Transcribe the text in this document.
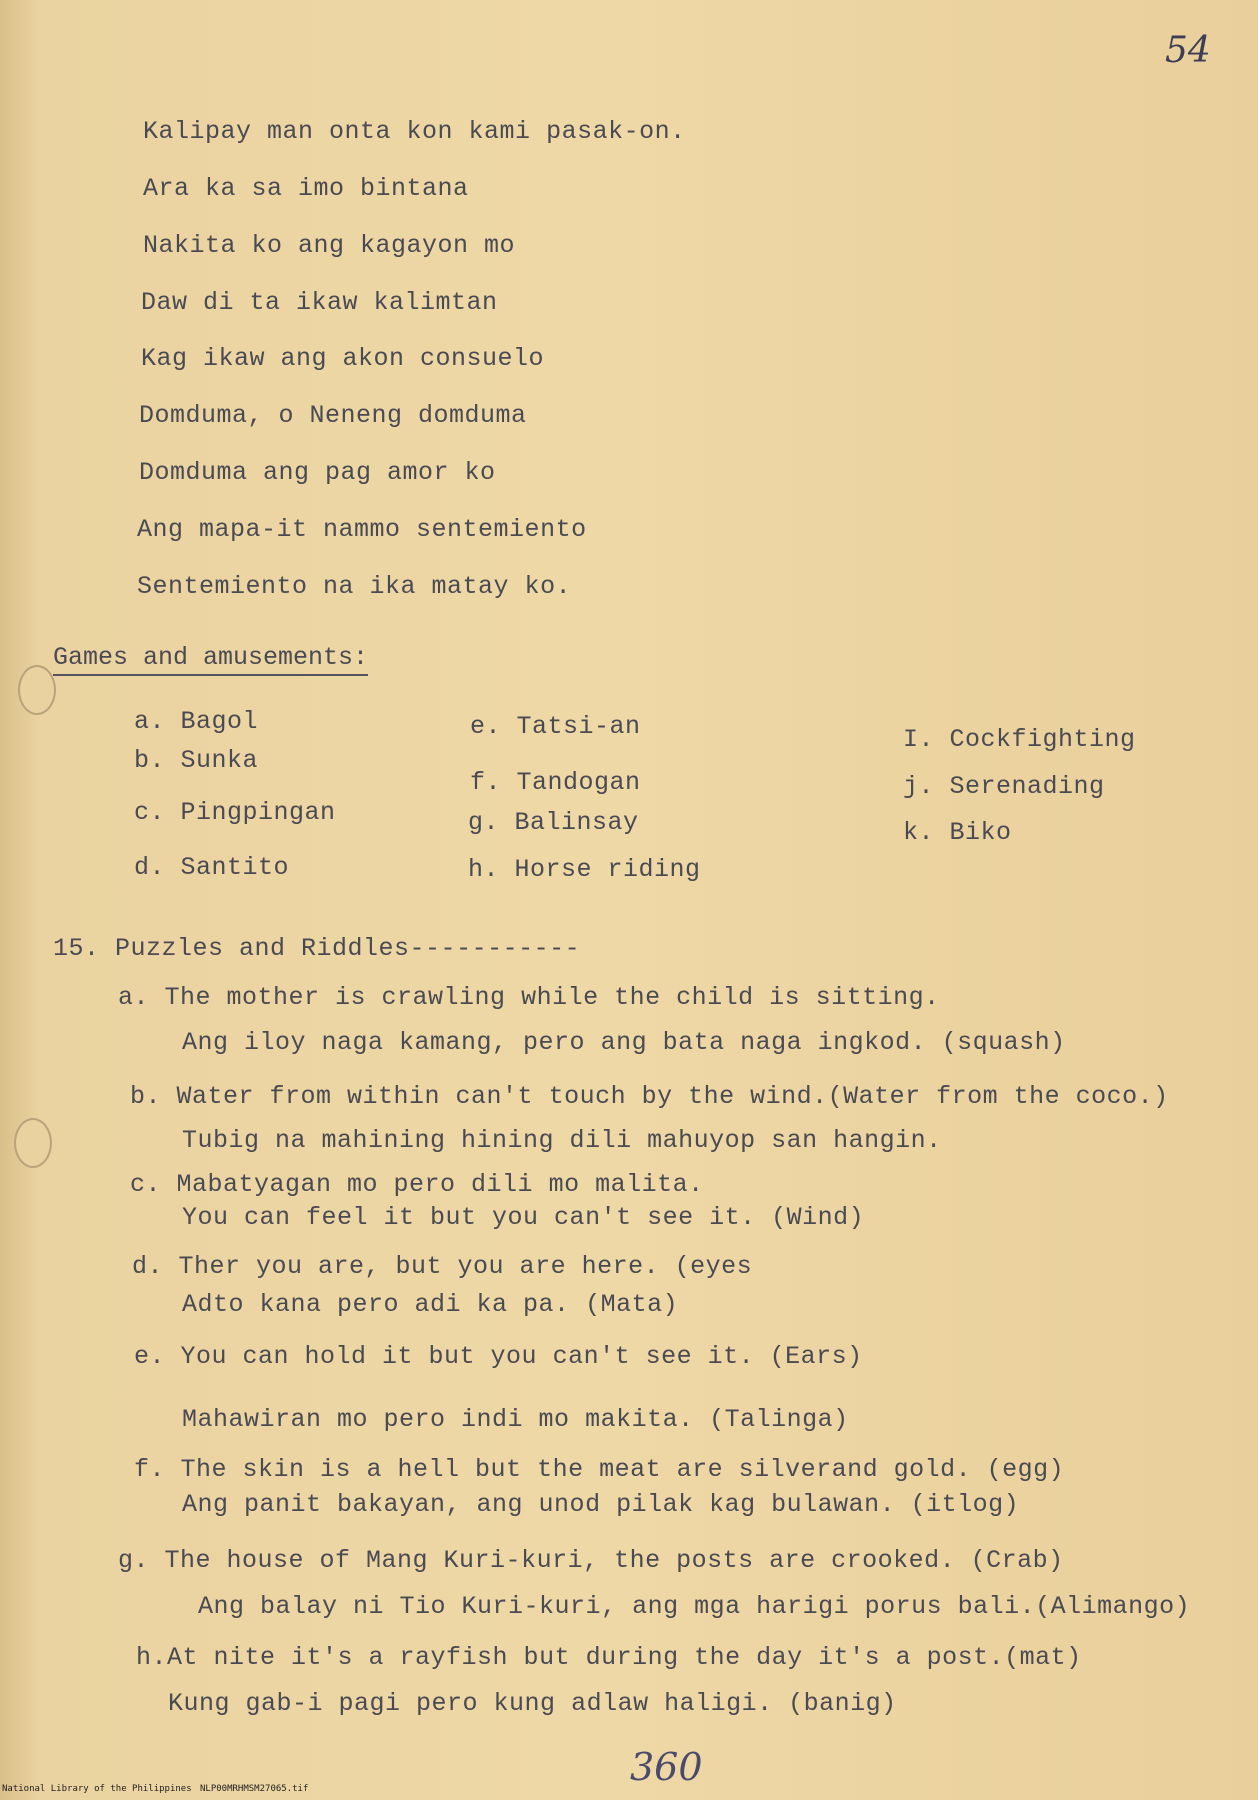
54
Kalipay man onta kon kami pasak-on.
Ara ka sa imo bintana
Nakita ko ang kagayon mo
Daw di ta ikaw kalimtan
Kag ikaw ang akon consuelo
Domduma, o Neneng domduma
Domduma ang pag amor ko
Ang mapa-it nammo sentemiento
Sentemiento na ika matay ko.
Games and amusements:
a. Bagol
b. Sunka
c. Pingpingan
d. Santito
e. Tatsi-an
f. Tandogan
g. Balinsay
h. Horse riding
I. Cockfighting
j. Serenading
k. Biko
15. Puzzles and Riddles-----------
a. The mother is crawling while the child is sitting.
Ang iloy naga kamang, pero ang bata naga ingkod. (squash)
b. Water from within can't touch by the wind.(Water from the coco.)
Tubig na mahining hining dili mahuyop san hangin.
c. Mabatyagan mo pero dili mo malita.
You can feel it but you can't see it. (Wind)
d. Ther you are, but you are here. (eyes
Adto kana pero adi ka pa. (Mata)
e. You can hold it but you can't see it. (Ears)
Mahawiran mo pero indi mo makita. (Talinga)
f. The skin is a hell but the meat are silverand gold. (egg)
Ang panit bakayan, ang unod pilak kag bulawan. (itlog)
g. The house of Mang Kuri-kuri, the posts are crooked. (Crab)
Ang balay ni Tio Kuri-kuri, ang mga harigi porus bali.(Alimango)
h.At nite it's a rayfish but during the day it's a post.(mat)
Kung gab-i pagi pero kung adlaw haligi. (banig)
360
National Library of the Philippines NLP00MRHMSM27065.tif
